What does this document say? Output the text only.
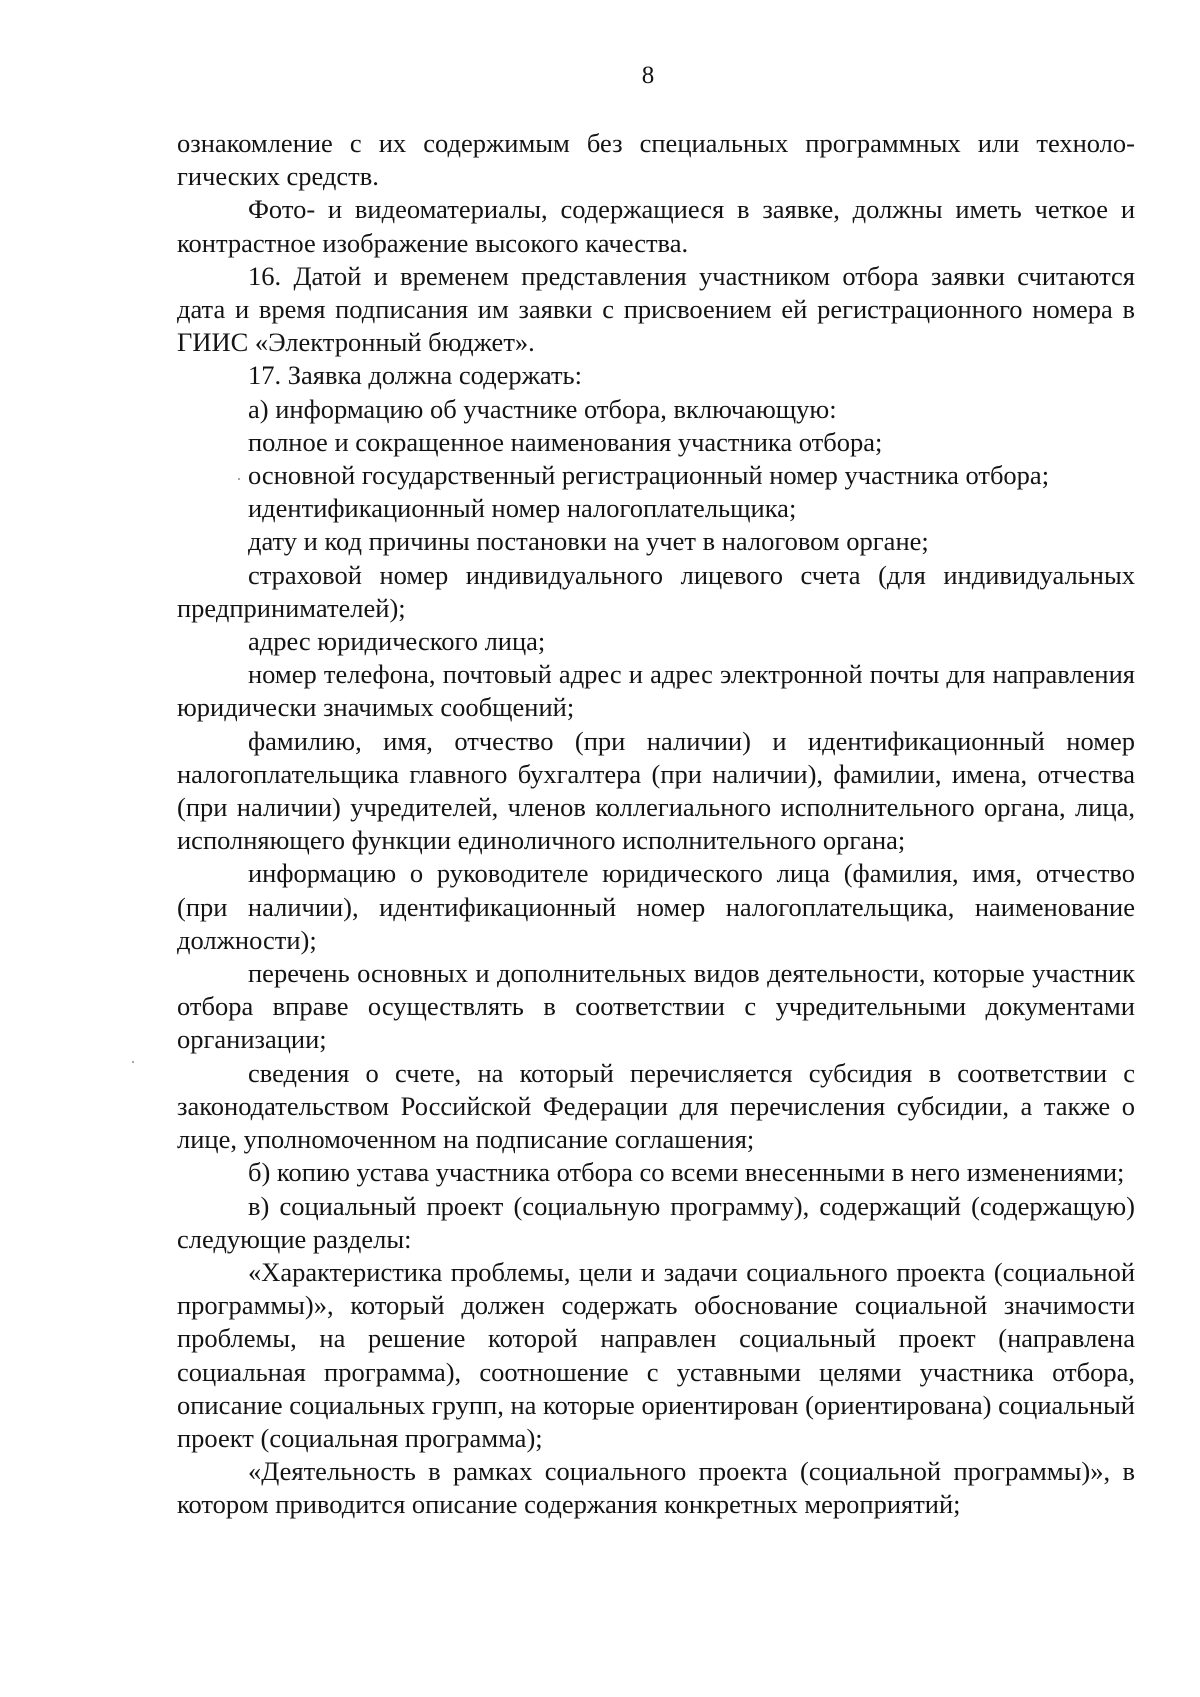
8

ознакомление с их содержимым без специальных программных или технологических средств.

Фото- и видеоматериалы, содержащиеся в заявке, должны иметь четкое и контрастное изображение высокого качества.

16. Датой и временем представления участником отбора заявки считаются дата и время подписания им заявки с присвоением ей регистрационного номера в ГИИС «Электронный бюджет».

17. Заявка должна содержать:

а) информацию об участнике отбора, включающую:

полное и сокращенное наименования участника отбора;

основной государственный регистрационный номер участника отбора;

идентификационный номер налогоплательщика;

дату и код причины постановки на учет в налоговом органе;

страховой номер индивидуального лицевого счета (для индивидуальных предпринимателей);

адрес юридического лица;

номер телефона, почтовый адрес и адрес электронной почты для направления юридически значимых сообщений;

фамилию, имя, отчество (при наличии) и идентификационный номер налогоплательщика главного бухгалтера (при наличии), фамилии, имена, отчества (при наличии) учредителей, членов коллегиального исполнительного органа, лица, исполняющего функции единоличного исполнительного органа;

информацию о руководителе юридического лица (фамилия, имя, отчество (при наличии), идентификационный номер налогоплательщика, наименование должности);

перечень основных и дополнительных видов деятельности, которые участник отбора вправе осуществлять в соответствии с учредительными документами организации;

сведения о счете, на который перечисляется субсидия в соответствии с законодательством Российской Федерации для перечисления субсидии, а также о лице, уполномоченном на подписание соглашения;

б) копию устава участника отбора со всеми внесенными в него изменениями;

в) социальный проект (социальную программу), содержащий (содержащую) следующие разделы:

«Характеристика проблемы, цели и задачи социального проекта (социальной программы)», который должен содержать обоснование социальной значимости проблемы, на решение которой направлен социальный проект (направлена социальная программа), соотношение с уставными целями участника отбора, описание социальных групп, на которые ориентирован (ориентирована) социальный проект (социальная программа);

«Деятельность в рамках социального проекта (социальной программы)», в котором приводится описание содержания конкретных мероприятий;
